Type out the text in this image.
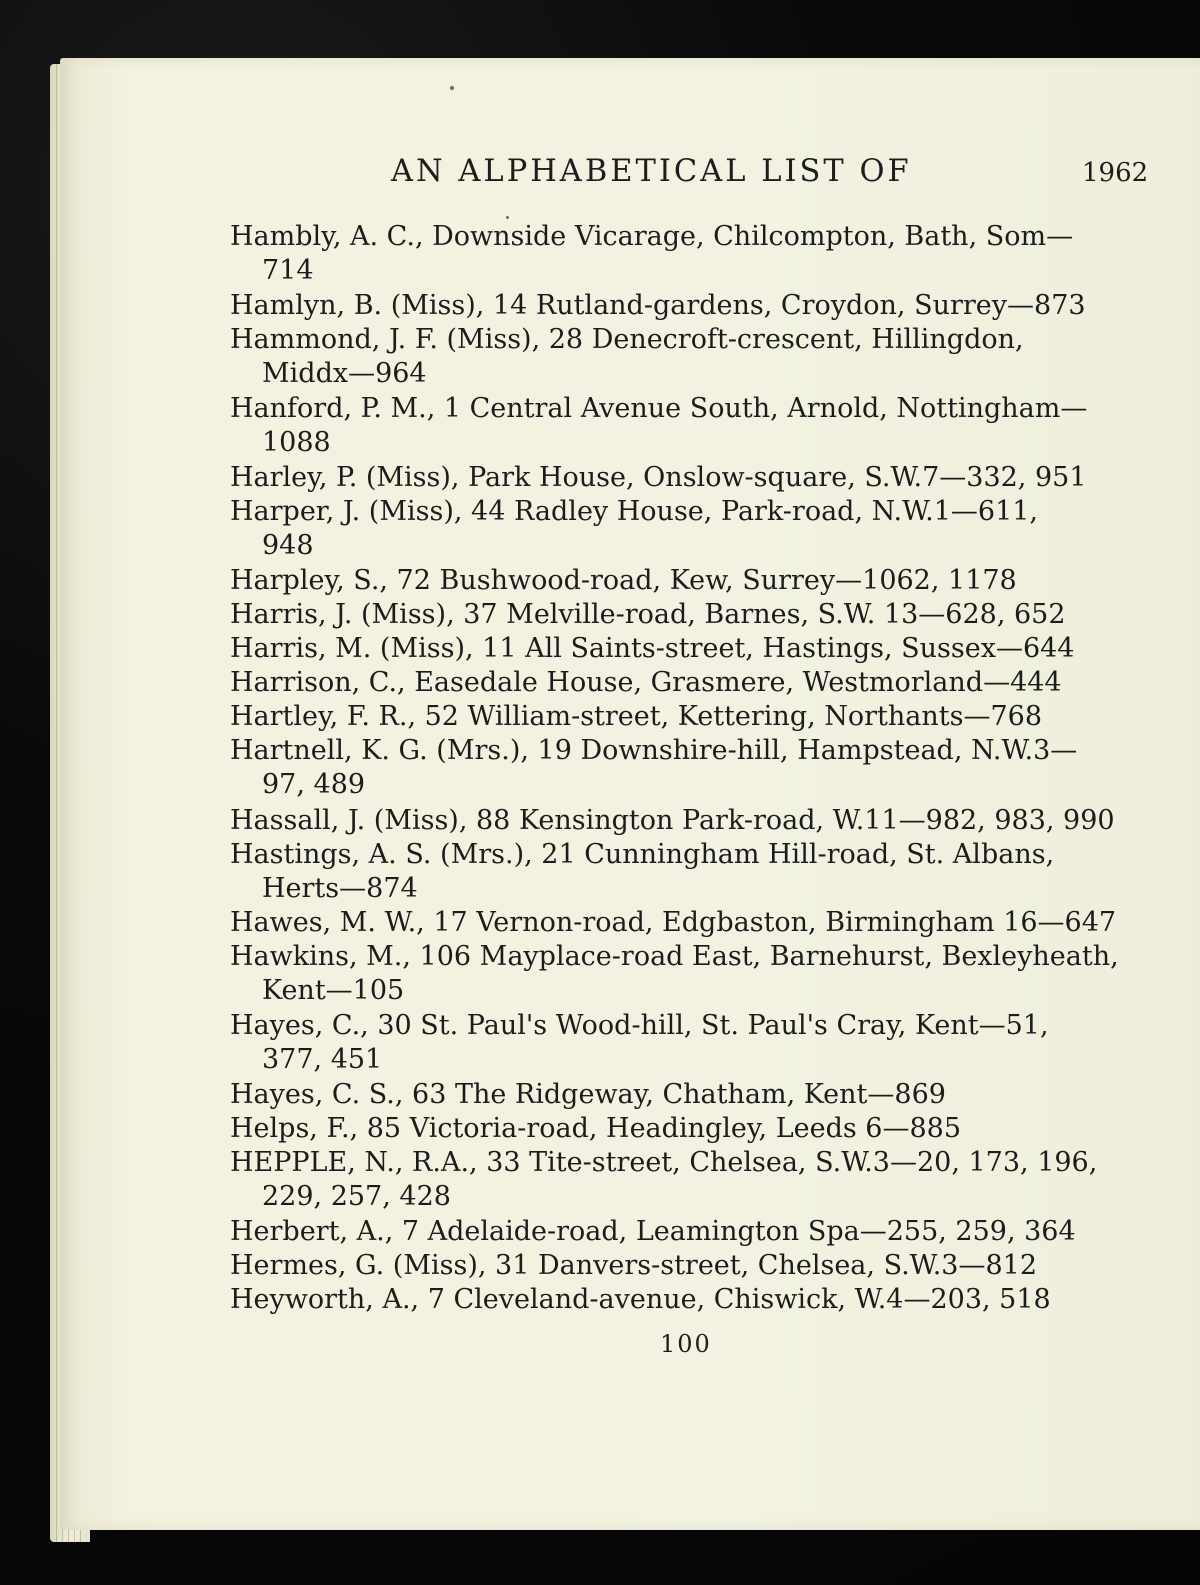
AN ALPHABETICAL LIST OF	1962
Hambly, A. C., Downside Vicarage, Chilcompton, Bath, Som—
714
Hamlyn, B. (Miss), 14 Rutland-gardens, Croydon, Surrey—873
Hammond, J. F. (Miss), 28 Denecroft-crescent, Hillingdon,
Middx—964
Hanford, P. M., 1 Central Avenue South, Arnold, Nottingham—
1088
Harley, P. (Miss), Park House, Onslow-square, S.W.7—332, 951
Harper, J. (Miss), 44 Radley House, Park-road, N.W.1—611,
948
Harpley, S., 72 Bushwood-road, Kew, Surrey—1062, 1178
Harris, J. (Miss), 37 Melville-road, Barnes, S.W. 13—628, 652
Harris, M. (Miss), 11 All Saints-street, Hastings, Sussex—644
Harrison, C., Easedale House, Grasmere, Westmorland—444
Hartley, F. R., 52 William-street, Kettering, Northants—768
Hartnell, K. G. (Mrs.), 19 Downshire-hill, Hampstead, N.W.3—
97, 489
Hassall, J. (Miss), 88 Kensington Park-road, W.11—982, 983, 990
Hastings, A. S. (Mrs.), 21 Cunningham Hill-road, St. Albans,
Herts—874
Hawes, M. W., 17 Vernon-road, Edgbaston, Birmingham 16—647
Hawkins, M., 106 Mayplace-road East, Barnehurst, Bexleyheath,
Kent—105
Hayes, C., 30 St. Paul's Wood-hill, St. Paul's Cray, Kent—51,
377, 451
Hayes, C. S., 63 The Ridgeway, Chatham, Kent—869
Helps, F., 85 Victoria-road, Headingley, Leeds 6—885
HEPPLE, N., R.A., 33 Tite-street, Chelsea, S.W.3—20, 173, 196,
229, 257, 428
Herbert, A., 7 Adelaide-road, Leamington Spa—255, 259, 364
Hermes, G. (Miss), 31 Danvers-street, Chelsea, S.W.3—812
Heyworth, A., 7 Cleveland-avenue, Chiswick, W.4—203, 518
100
